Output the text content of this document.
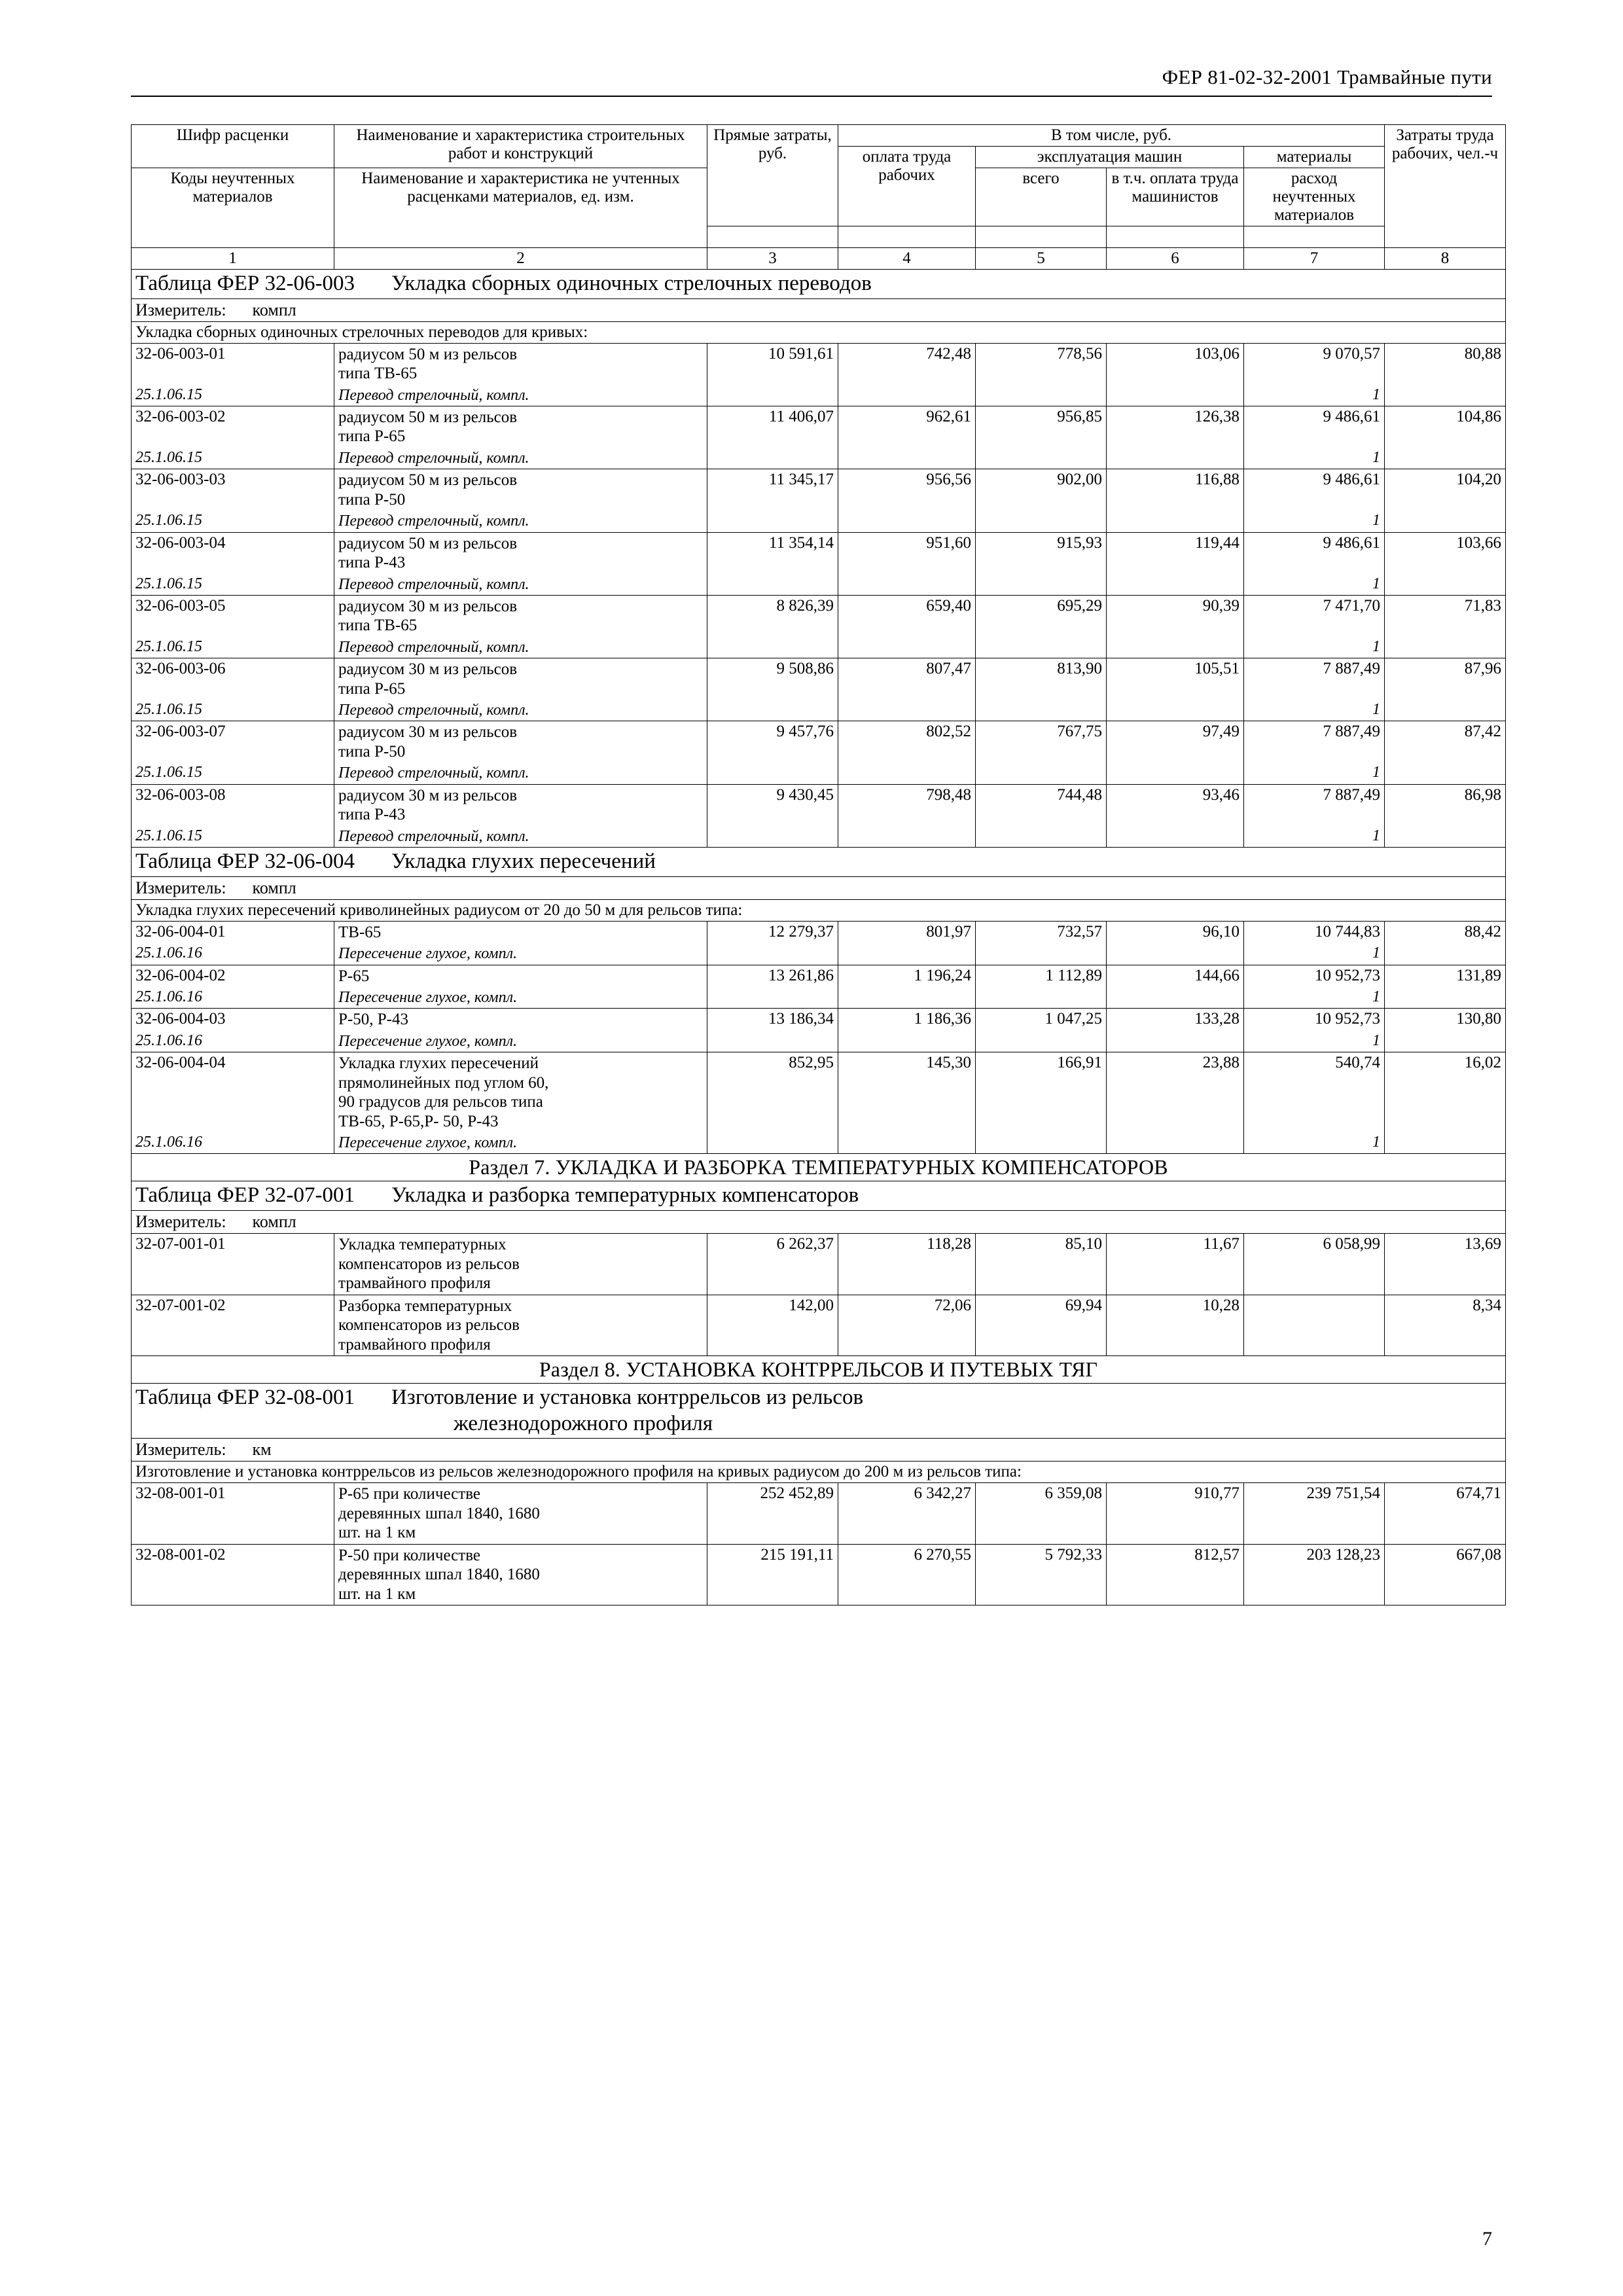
ФЕР 81-02-32-2001 Трамвайные пути
Шифр расценки	Наименование и характеристика строительных работ и конструкций	Прямые затраты, руб.	В том числе, руб.				Затраты труда рабочих, чел.-ч
			оплата труда рабочих	эксплуатация машин		материалы	
Коды неучтенных материалов	Наименование и характеристика не учтенных расценками материалов, ед. изм.			всего	в т.ч. оплата труда машинистов	расход неучтенных материалов	

1	2	3	4	5	6	7	8
Таблица ФЕР 32-06-003 Укладка сборных одиночных стрелочных переводов							
Измеритель: компл							
Укладка сборных одиночных стрелочных переводов для кривых:							
32-06-003-01	радиусом 50 м из рельсов
типа ТВ-65	10 591,61	742,48	778,56	103,06	9 070,57	80,88
25.1.06.15	Перевод стрелочный, компл.					1	
32-06-003-02	радиусом 50 м из рельсов
типа Р-65	11 406,07	962,61	956,85	126,38	9 486,61	104,86
25.1.06.15	Перевод стрелочный, компл.					1	
32-06-003-03	радиусом 50 м из рельсов
типа Р-50	11 345,17	956,56	902,00	116,88	9 486,61	104,20
25.1.06.15	Перевод стрелочный, компл.					1	
32-06-003-04	радиусом 50 м из рельсов
типа Р-43	11 354,14	951,60	915,93	119,44	9 486,61	103,66
25.1.06.15	Перевод стрелочный, компл.					1	
32-06-003-05	радиусом 30 м из рельсов
типа ТВ-65	8 826,39	659,40	695,29	90,39	7 471,70	71,83
25.1.06.15	Перевод стрелочный, компл.					1	
32-06-003-06	радиусом 30 м из рельсов
типа Р-65	9 508,86	807,47	813,90	105,51	7 887,49	87,96
25.1.06.15	Перевод стрелочный, компл.					1	
32-06-003-07	радиусом 30 м из рельсов
типа Р-50	9 457,76	802,52	767,75	97,49	7 887,49	87,42
25.1.06.15	Перевод стрелочный, компл.					1	
32-06-003-08	радиусом 30 м из рельсов
типа Р-43	9 430,45	798,48	744,48	93,46	7 887,49	86,98
25.1.06.15	Перевод стрелочный, компл.					1	
Таблица ФЕР 32-06-004 Укладка глухих пересечений							
Измеритель: компл							
Укладка глухих пересечений криволинейных радиусом от 20 до 50 м для рельсов типа:							
32-06-004-01	ТВ-65	12 279,37	801,97	732,57	96,10	10 744,83	88,42
25.1.06.16	Пересечение глухое, компл.					1	
32-06-004-02	Р-65	13 261,86	1 196,24	1 112,89	144,66	10 952,73	131,89
25.1.06.16	Пересечение глухое, компл.					1	
32-06-004-03	Р-50, Р-43	13 186,34	1 186,36	1 047,25	133,28	10 952,73	130,80
25.1.06.16	Пересечение глухое, компл.					1	
32-06-004-04	Укладка глухих пересечений
прямолинейных под углом 60,
90 градусов для рельсов типа
ТВ-65, Р-65,Р- 50, Р-43	852,95	145,30	166,91	23,88	540,74	16,02
25.1.06.16	Пересечение глухое, компл.					1	
Раздел 7. УКЛАДКА И РАЗБОРКА ТЕМПЕРАТУРНЫХ КОМПЕНСАТОРОВ							
Таблица ФЕР 32-07-001 Укладка и разборка температурных компенсаторов							
Измеритель: компл							
32-07-001-01	Укладка температурных
компенсаторов из рельсов
трамвайного профиля	6 262,37	118,28	85,10	11,67	6 058,99	13,69
32-07-001-02	Разборка температурных
компенсаторов из рельсов
трамвайного профиля	142,00	72,06	69,94	10,28		8,34
Раздел 8. УСТАНОВКА КОНТРРЕЛЬСОВ И ПУТЕВЫХ ТЯГ							
Таблица ФЕР 32-08-001 Изготовление и установка контррельсов из рельсов
железнодорожного профиля							

Измеритель: км							
Изготовление и установка контррельсов из рельсов железнодорожного профиля на кривых радиусом до 200 м из рельсов типа:							
32-08-001-01	Р-65 при количестве
деревянных шпал 1840, 1680
шт. на 1 км	252 452,89	6 342,27	6 359,08	910,77	239 751,54	674,71
32-08-001-02	Р-50 при количестве
деревянных шпал 1840, 1680
шт. на 1 км	215 191,11	6 270,55	5 792,33	812,57	203 128,23	667,08
7
